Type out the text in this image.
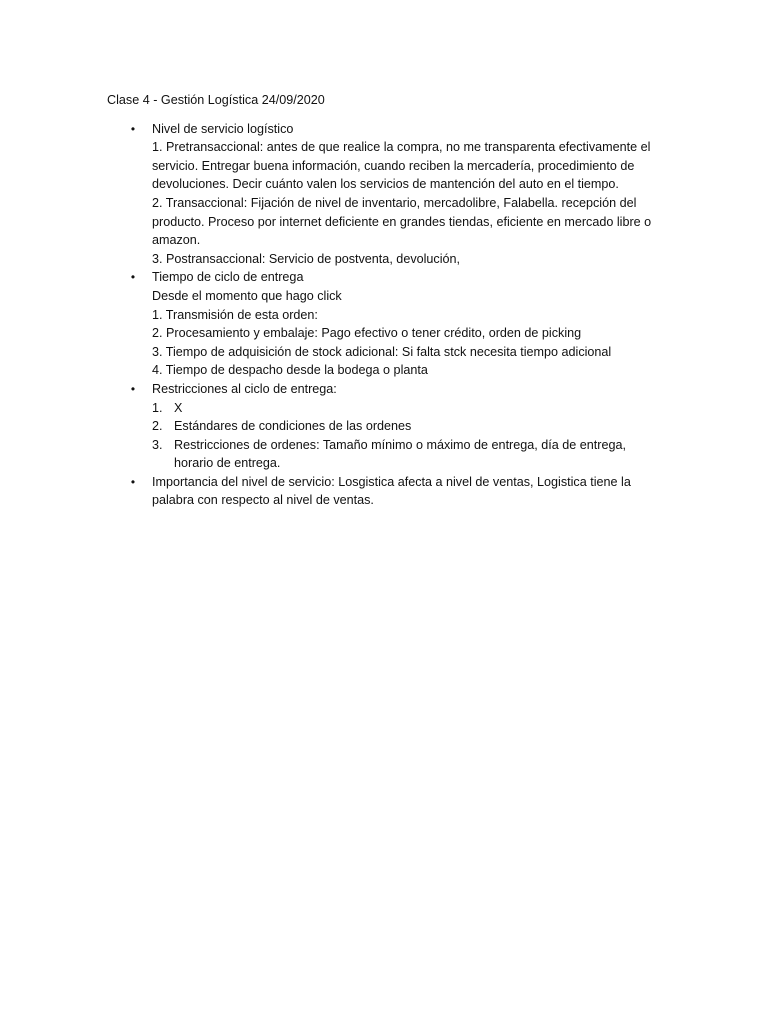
Clase 4 - Gestión Logística 24/09/2020
• Nivel de servicio logístico
1. Pretransaccional: antes de que realice la compra, no me transparenta efectivamente el servicio. Entregar buena información, cuando reciben la mercadería, procedimiento de devoluciones. Decir cuánto valen los servicios de mantención del auto en el tiempo.
2. Transaccional: Fijación de nivel de inventario, mercadolibre, Falabella. recepción del producto. Proceso por internet deficiente en grandes tiendas, eficiente en mercado libre o amazon.
3. Postransaccional: Servicio de postventa, devolución,
• Tiempo de ciclo de entrega
Desde el momento que hago click
1. Transmisión de esta orden:
2. Procesamiento y embalaje: Pago efectivo o tener crédito, orden de picking
3. Tiempo de adquisición de stock adicional: Si falta stck necesita tiempo adicional
4. Tiempo de despacho desde la bodega o planta
• Restricciones al ciclo de entrega:
1. X
2. Estándares de condiciones de las ordenes
3. Restricciones de ordenes: Tamaño mínimo o máximo de entrega, día de entrega, horario de entrega.
• Importancia del nivel de servicio: Losgistica afecta a nivel de ventas, Logistica tiene la palabra con respecto al nivel de ventas.
